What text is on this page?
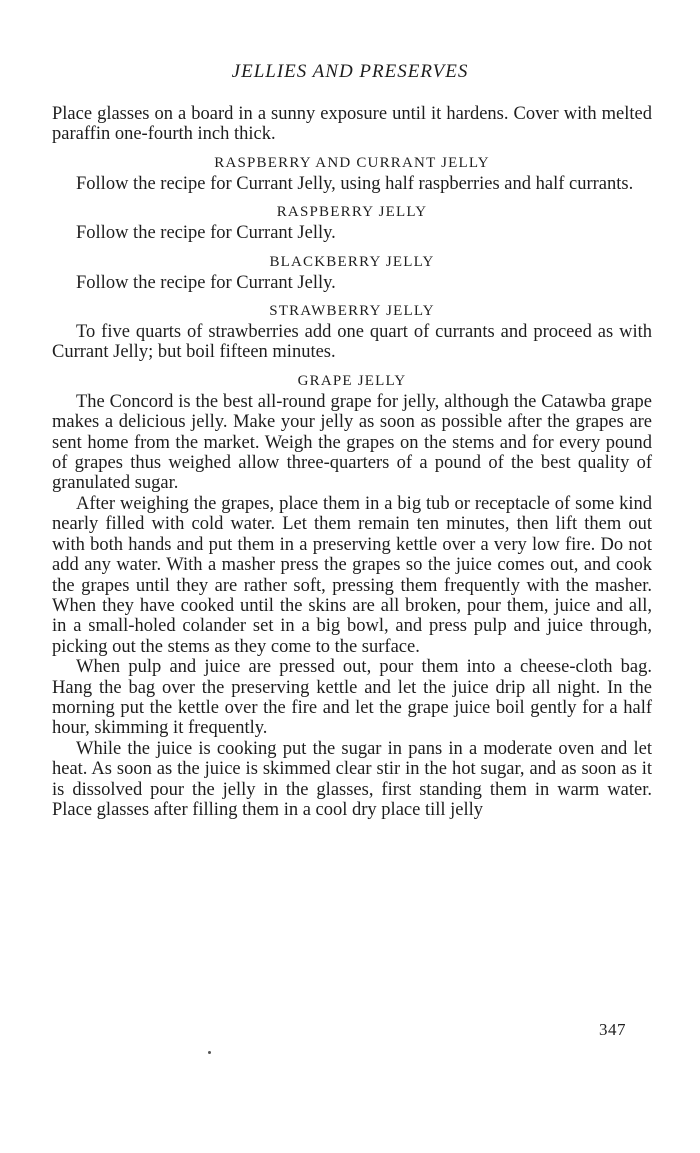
JELLIES AND PRESERVES

Place glasses on a board in a sunny exposure until it hardens. Cover with melted paraffin one-fourth inch thick.

RASPBERRY AND CURRANT JELLY

Follow the recipe for Currant Jelly, using half raspberries and half currants.

RASPBERRY JELLY

Follow the recipe for Currant Jelly.

BLACKBERRY JELLY

Follow the recipe for Currant Jelly.

STRAWBERRY JELLY

To five quarts of strawberries add one quart of currants and proceed as with Currant Jelly; but boil fifteen minutes.

GRAPE JELLY

The Concord is the best all-round grape for jelly, although the Catawba grape makes a delicious jelly. Make your jelly as soon as possible after the grapes are sent home from the market. Weigh the grapes on the stems and for every pound of grapes thus weighed allow three-quarters of a pound of the best quality of granulated sugar.

After weighing the grapes, place them in a big tub or receptacle of some kind nearly filled with cold water. Let them remain ten minutes, then lift them out with both hands and put them in a preserving kettle over a very low fire. Do not add any water. With a masher press the grapes so the juice comes out, and cook the grapes until they are rather soft, pressing them frequently with the masher. When they have cooked until the skins are all broken, pour them, juice and all, in a small-holed colander set in a big bowl, and press pulp and juice through, picking out the stems as they come to the surface.

When pulp and juice are pressed out, pour them into a cheese-cloth bag. Hang the bag over the preserving kettle and let the juice drip all night. In the morning put the kettle over the fire and let the grape juice boil gently for a half hour, skimming it frequently.

While the juice is cooking put the sugar in pans in a moderate oven and let heat. As soon as the juice is skimmed clear stir in the hot sugar, and as soon as it is dissolved pour the jelly in the glasses, first standing them in warm water. Place glasses after filling them in a cool dry place till jelly

347
